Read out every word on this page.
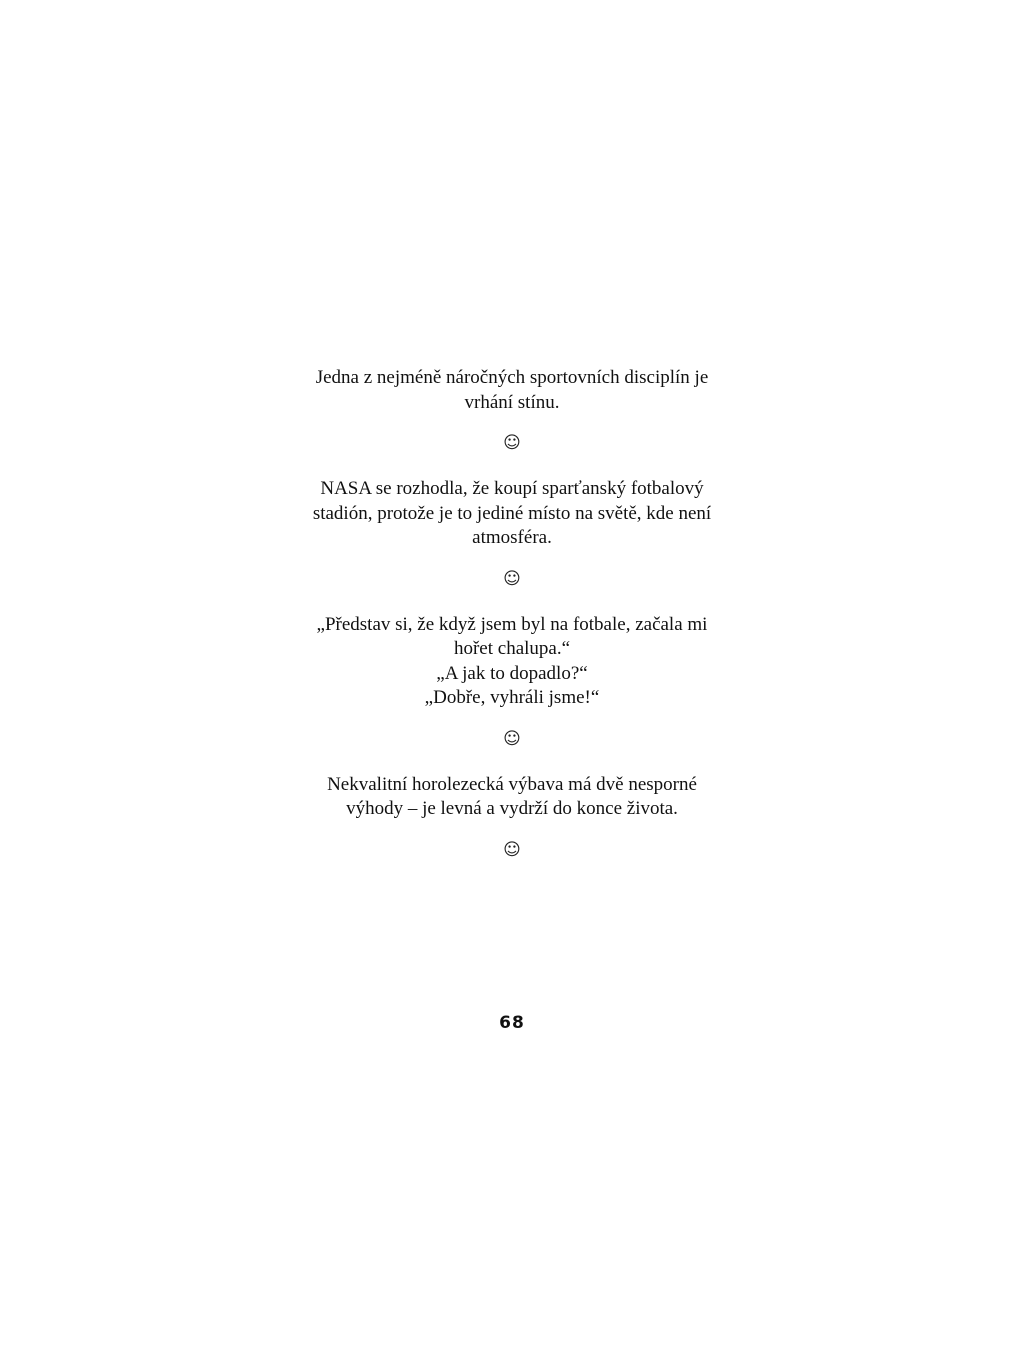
Jedna z nejméně náročných sportovních disciplín je

vrhání stínu.

☺

NASA se rozhodla, že koupí sparťanský fotbalový

stadión, protože je to jediné místo na světě, kde není

atmosféra.

☺

„Představ si, že když jsem byl na fotbale, začala mi

hořet chalupa.“

„A jak to dopadlo?“

„Dobře, vyhráli jsme!“

☺

Nekvalitní horolezecká výbava má dvě nesporné

výhody – je levná a vydrží do konce života.

☺
68
